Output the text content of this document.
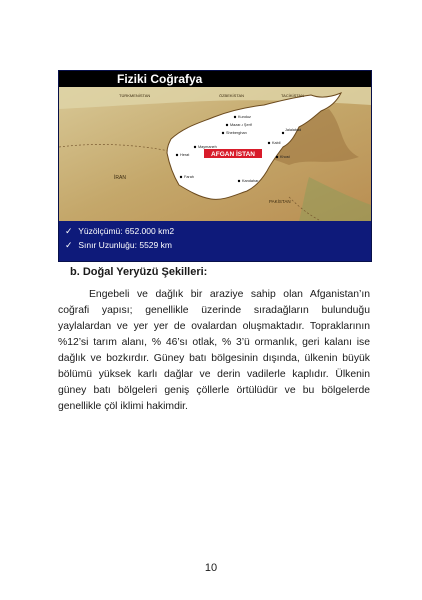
Fiziki Coğrafya
AFGAN İSTAN
TÜRKMENİSTAN	ÖZBEKİSTAN	TACİKİSTAN
İRAN
PAKİSTAN
Kunduz
Mazar-ı Şerif
Sheberghan
Maymaneh
Herat
Kabil
Jalalabad
Kandahar
Farah
Khost
✓ Yüzölçümü: 652.000 km2
✓ Sınır Uzunluğu: 5529 km
b. Doğal Yeryüzü Şekilleri:

Engebeli ve dağlık bir araziye sahip olan Afganistan’ın coğrafi yapısı; genellikle üzerinde sıradağların bulunduğu yaylalardan ve yer yer de ovalardan oluşmaktadır. Topraklarının %12’si tarım alanı, % 46’sı otlak, % 3’ü ormanlık, geri kalanı ise dağlık ve bozkırdır. Güney batı bölgesinin dışında, ülkenin büyük bölümü yüksek karlı dağlar ve derin vadilerle kaplıdır. Ülkenin güney batı bölgeleri geniş çöllerle örtülüdür ve bu bölgelerde genellikle çöl iklimi hakimdir.

10
